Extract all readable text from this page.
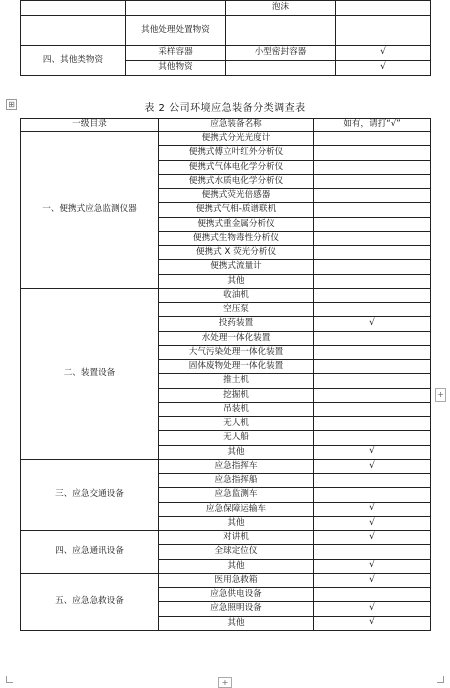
		泡沫	
	其他处理处置物资		
四、其他类物资	采样容器	小型密封容器	√
	其他物资		√
⊞	表 2 公司环境应急装备分类调查表
一级目录	应急装备名称	如有，请打“√”
一、便携式应急监测仪器	便携式分光光度计	
	便携式傅立叶红外分析仪	
	便携式气体电化学分析仪	
	便携式水质电化学分析仪	
	便携式荧光倍感器	
	便携式气相-质谱联机	
	便携式重金属分析仪	
	便携式生物毒性分析仪	
	便携式 X 荧光分析仪	
	便携式流量计	
	其他	
二、装置设备	收油机	
	空压泵	
	投药装置	√
	水处理一体化装置	
	大气污染处理一体化装置	
	固体废物处理一体化装置	
	推土机	
	挖掘机	
	吊装机	
	无人机	
	无人船	
	其他	√
三、应急交通设备	应急指挥车	√
	应急指挥船	
	应急监测车	
	应急保障运输车	√
	其他	√
四、应急通讯设备	对讲机	√
	全球定位仪	
	其他	√
五、应急急救设备	医用急救箱	√
	应急供电设备	
	应急照明设备	√
	其他	√
+
+
